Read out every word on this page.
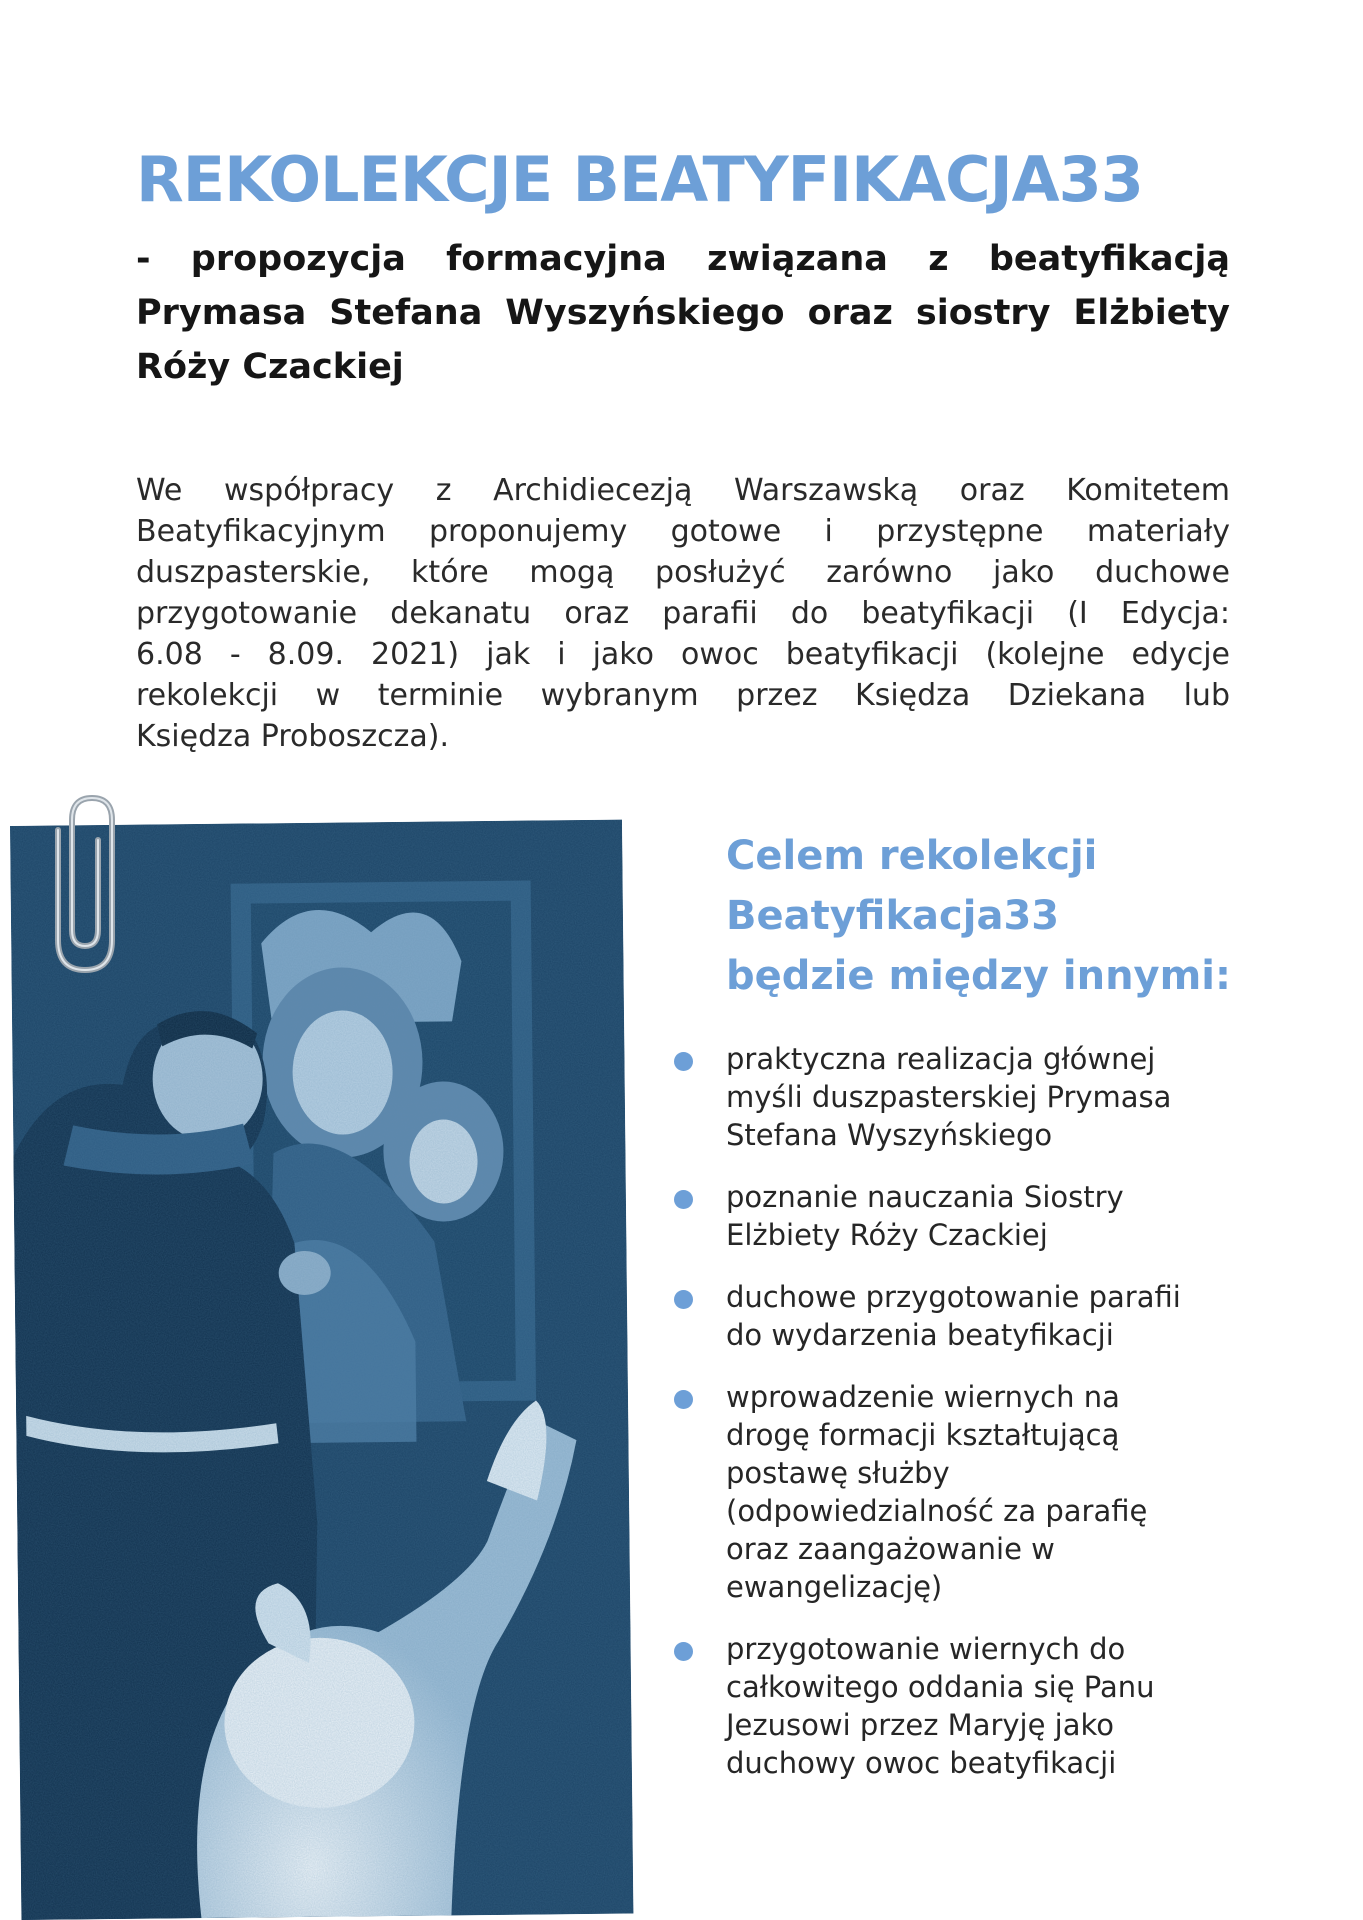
REKOLEKCJE BEATYFIKACJA33
- propozycja formacyjna związana z beatyfikacją
Prymasa Stefana Wyszyńskiego oraz siostry Elżbiety
Róży Czackiej

We współpracy z Archidiecezją Warszawską oraz Komitetem
Beatyfikacyjnym proponujemy gotowe i przystępne materiały
duszpasterskie, które mogą posłużyć zarówno jako duchowe
przygotowanie dekanatu oraz parafii do beatyfikacji (I Edycja:
6.08 - 8.09. 2021) jak i jako owoc beatyfikacji (kolejne edycje
rekolekcji w terminie wybranym przez Księdza Dziekana lub
Księdza Proboszcza).

Celem rekolekcji
Beatyfikacja33
będzie między innymi:
praktyczna realizacja głównej
myśli duszpasterskiej Prymasa
Stefana Wyszyńskiego
poznanie nauczania Siostry
Elżbiety Róży Czackiej
duchowe przygotowanie parafii
do wydarzenia beatyfikacji
wprowadzenie wiernych na
drogę formacji kształtującą
postawę służby
(odpowiedzialność za parafię
oraz zaangażowanie w
ewangelizację)
przygotowanie wiernych do
całkowitego oddania się Panu
Jezusowi przez Maryję jako
duchowy owoc beatyfikacji
